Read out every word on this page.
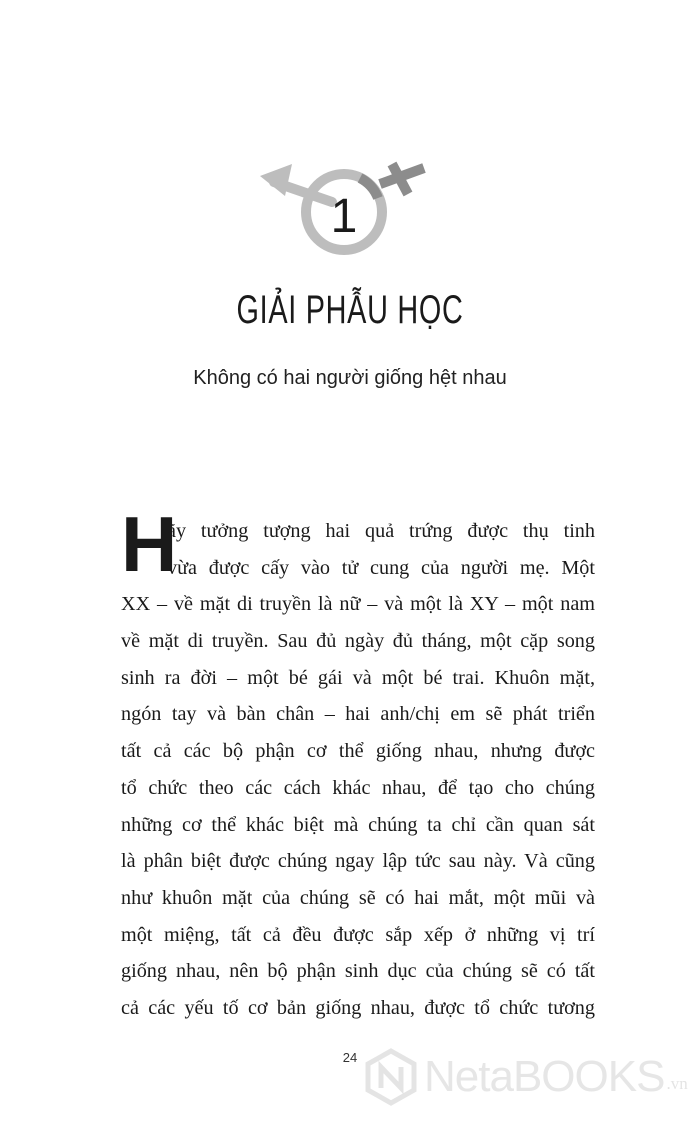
1
GIẢI PHẪU HỌC
Không có hai người giống hệt nhau
H
ãy tưởng tượng hai quả trứng được thụ tinh
vừa được cấy vào tử cung của người mẹ. Một
XX – về mặt di truyền là nữ – và một là XY – một nam
về mặt di truyền. Sau đủ ngày đủ tháng, một cặp song
sinh ra đời – một bé gái và một bé trai. Khuôn mặt,
ngón tay và bàn chân – hai anh/chị em sẽ phát triển
tất cả các bộ phận cơ thể giống nhau, nhưng được
tổ chức theo các cách khác nhau, để tạo cho chúng
những cơ thể khác biệt mà chúng ta chỉ cần quan sát
là phân biệt được chúng ngay lập tức sau này. Và cũng
như khuôn mặt của chúng sẽ có hai mắt, một mũi và
một miệng, tất cả đều được sắp xếp ở những vị trí
giống nhau, nên bộ phận sinh dục của chúng sẽ có tất
cả các yếu tố cơ bản giống nhau, được tổ chức tương
24	NetaBOOKS .vn
